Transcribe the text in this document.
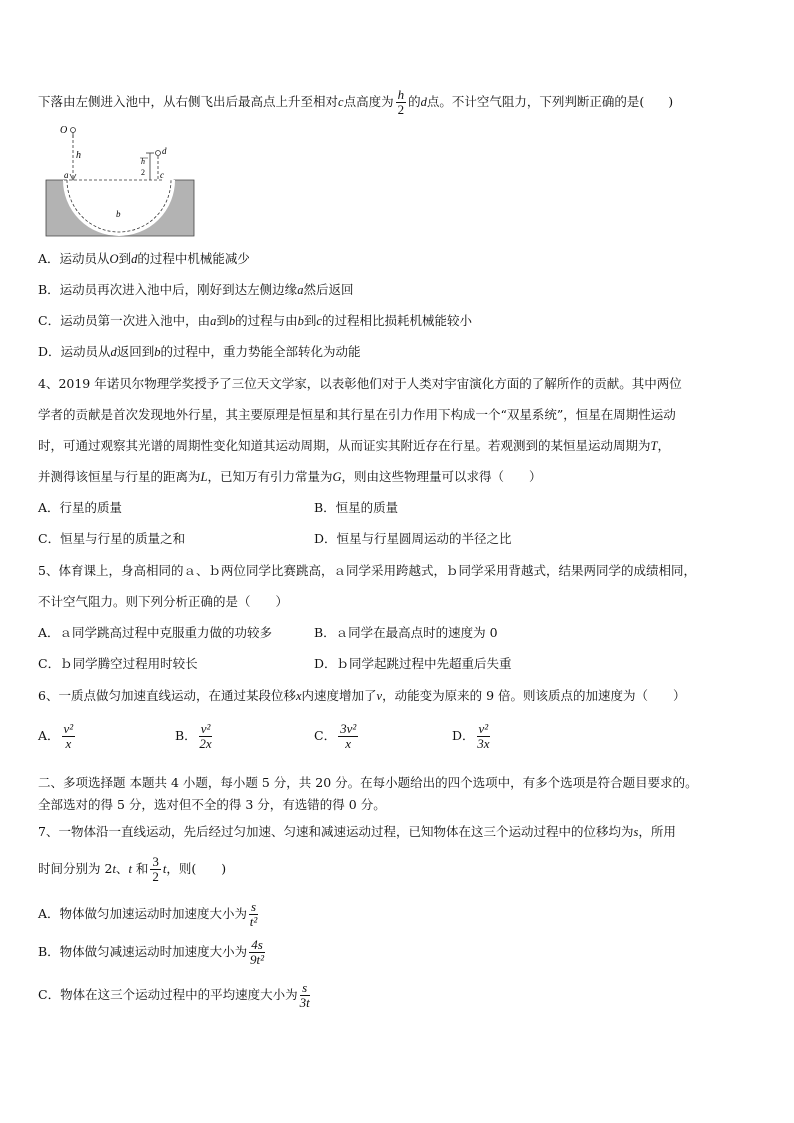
下落由左侧进入池中，从右侧飞出后最高点上升至相对c点高度为 $\frac{h}{2}$ 的d点。不计空气阻力，下列判断正确的是( )
O
h
a	c
d
h
2
b
A．运动员从O到d的过程中机械能减少
B．运动员再次进入池中后，刚好到达左侧边缘a然后返回
C．运动员第一次进入池中，由a到b的过程与由b到c的过程相比损耗机械能较小
D．运动员从d返回到b的过程中，重力势能全部转化为动能
4、2019 年诺贝尔物理学奖授予了三位天文学家，以表彰他们对于人类对宇宙演化方面的了解所作的贡献。其中两位
学者的贡献是首次发现地外行星，其主要原理是恒星和其行星在引力作用下构成一个“双星系统”，恒星在周期性运动
时，可通过观察其光谱的周期性变化知道其运动周期，从而证实其附近存在行星。若观测到的某恒星运动周期为T，
并测得该恒星与行星的距离为L，已知万有引力常量为G，则由这些物理量可以求得（　　）
A．行星的质量	B．恒星的质量
C．恒星与行星的质量之和	D．恒星与行星圆周运动的半径之比
5、体育课上，身高相同的ａ、ｂ两位同学比赛跳高，ａ同学采用跨越式，ｂ同学采用背越式，结果两同学的成绩相同，
不计空气阻力。则下列分析正确的是（　　）
A．ａ同学跳高过程中克服重力做的功较多	B．ａ同学在最高点时的速度为 0
C．ｂ同学腾空过程用时较长	D．ｂ同学起跳过程中先超重后失重
6、一质点做匀加速直线运动，在通过某段位移x内速度增加了v，动能变为原来的 9 倍。则该质点的加速度为（　　）
A． $\frac{\text{v²}}{x}$	B． $\frac{\text{v²}}{2x}$	C． $\frac{\text{3v²}}{x}$	D． $\frac{\text{v²}}{3x}$
二、多项选择题 本题共 4 小题，每小题 5 分，共 20 分。在每小题给出的四个选项中，有多个选项是符合题目要求的。
全部选对的得 5 分，选对但不全的得 3 分，有选错的得 0 分。
7、一物体沿一直线运动，先后经过匀加速、匀速和减速运动过程，已知物体在这三个运动过程中的位移均为s，所用
时间分别为 2t、t 和 $\frac{3}{2}$ t，则(　　)
A．物体做匀加速运动时加速度大小为 $\frac{s}{\text{t²}}$
B．物体做匀减速运动时加速度大小为 $\frac{4s}{\text{9t²}}$
C．物体在这三个运动过程中的平均速度大小为 $\frac{s}{3t}$
